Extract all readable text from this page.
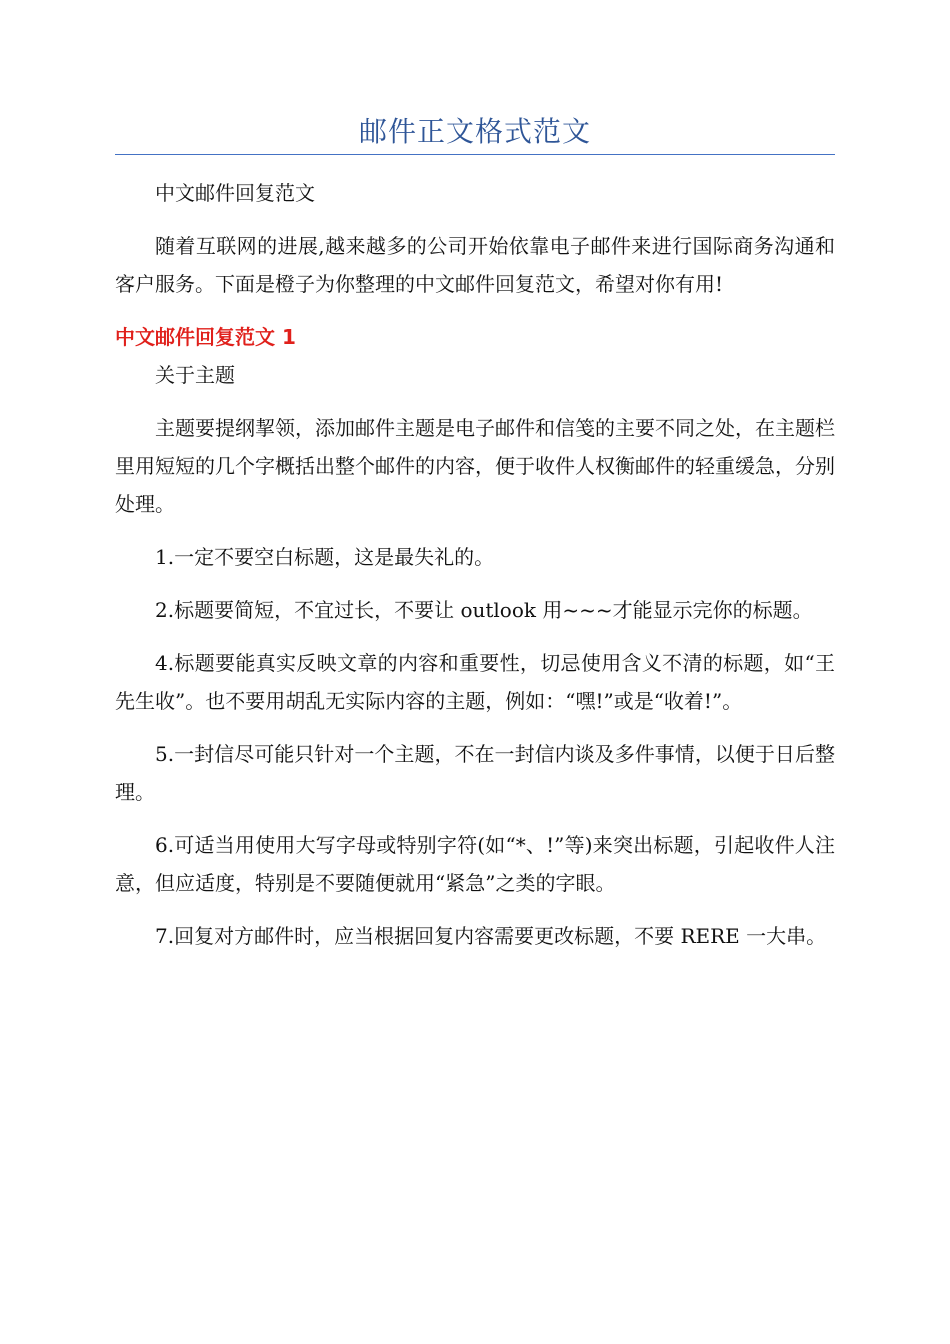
邮件正文格式范文

中文邮件回复范文

随着互联网的进展,越来越多的公司开始依靠电子邮件来进行国际商务沟通和客户服务。下面是橙子为你整理的中文邮件回复范文，希望对你有用!

中文邮件回复范文 1

关于主题

主题要提纲挈领，添加邮件主题是电子邮件和信笺的主要不同之处，在主题栏里用短短的几个字概括出整个邮件的内容，便于收件人权衡邮件的轻重缓急，分别处理。

1.一定不要空白标题，这是最失礼的。

2.标题要简短，不宜过长，不要让 outlook 用~~~才能显示完你的标题。

4.标题要能真实反映文章的内容和重要性，切忌使用含义不清的标题，如“王先生收”。也不要用胡乱无实际内容的主题，例如：“嘿!”或是“收着!”。

5.一封信尽可能只针对一个主题，不在一封信内谈及多件事情，以便于日后整理。

6.可适当用使用大写字母或特别字符(如“*、!”等)来突出标题，引起收件人注意，但应适度，特别是不要随便就用“紧急”之类的字眼。

7.回复对方邮件时，应当根据回复内容需要更改标题，不要 RERE 一大串。
